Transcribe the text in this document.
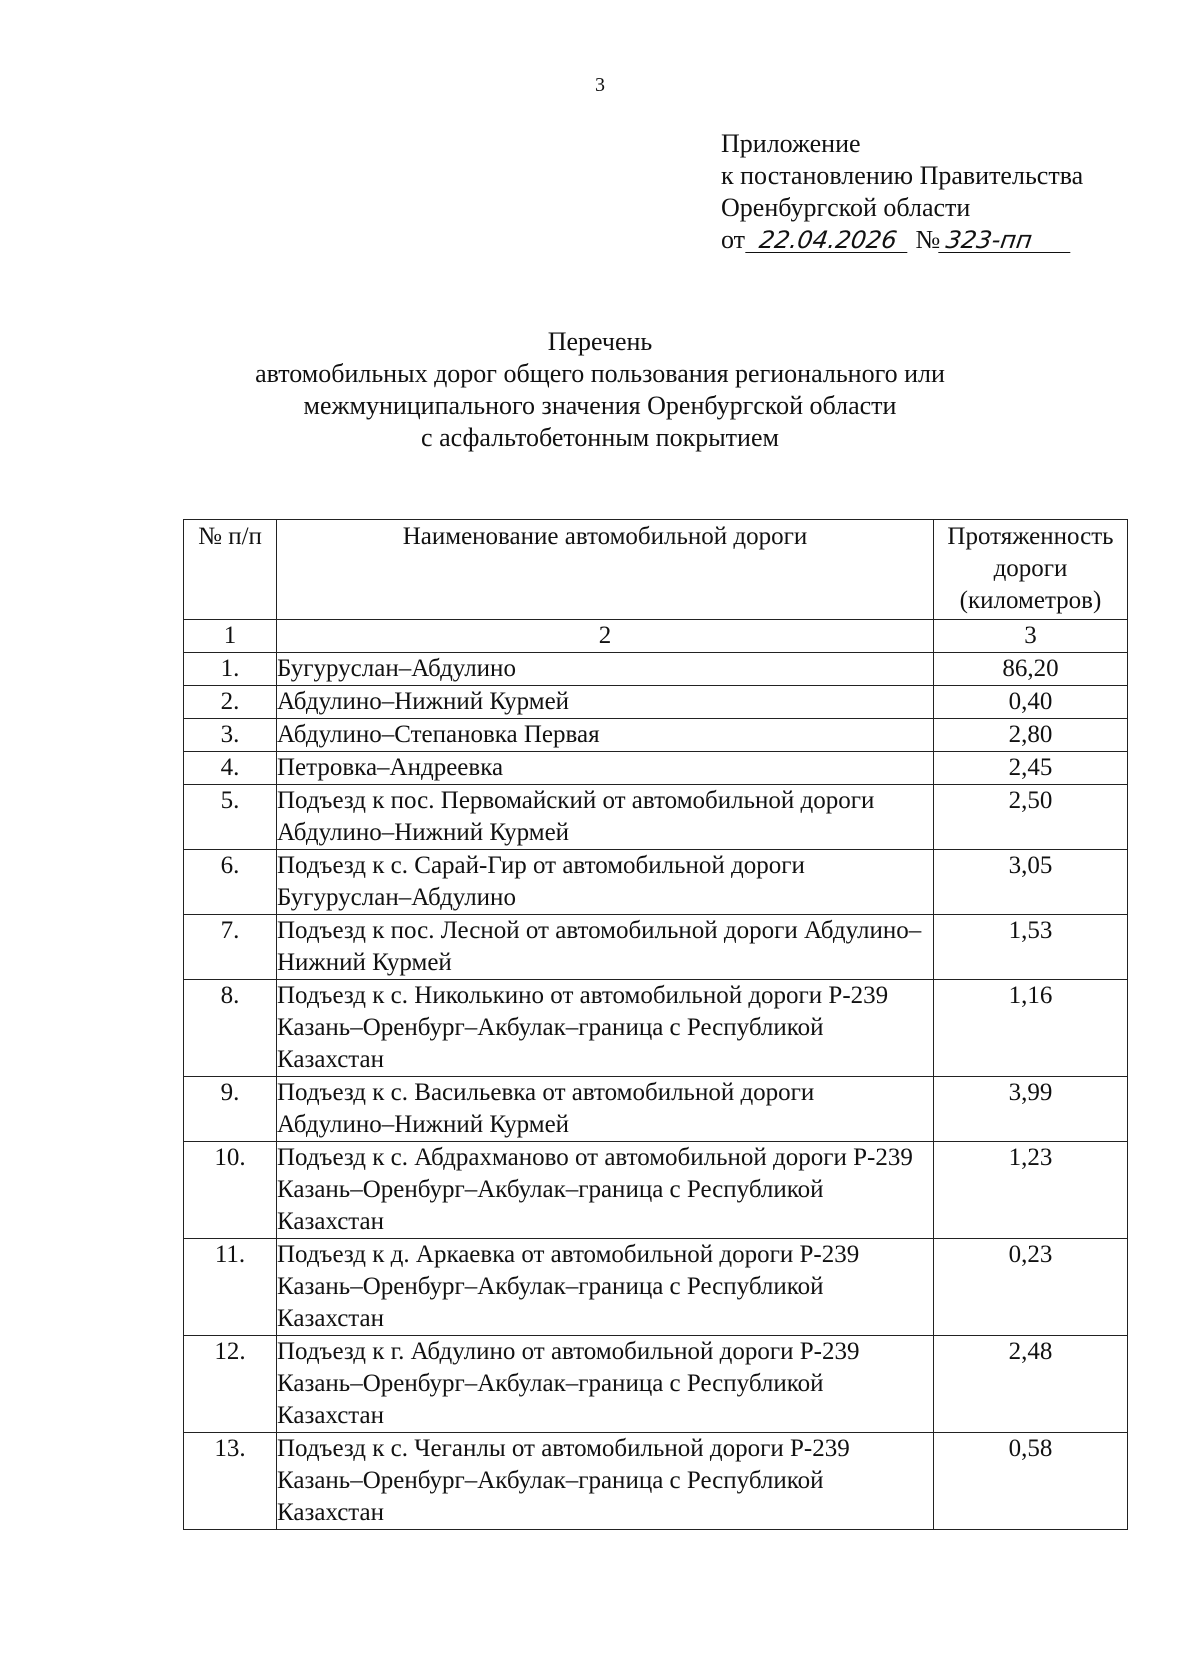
3
Приложение
к постановлению Правительства
Оренбургской области
от 22.04.2026 № 323-пп
Перечень
автомобильных дорог общего пользования регионального или
межмуниципального значения Оренбургской области
с асфальтобетонным покрытием
№ п/п	Наименование автомобильной дороги	Протяженность дороги (километров)
1	2	3
1.	Бугуруслан–Абдулино	86,20
2.	Абдулино–Нижний Курмей	0,40
3.	Абдулино–Степановка Первая	2,80
4.	Петровка–Андреевка	2,45
5.	Подъезд к пос. Первомайский от автомобильной дороги Абдулино–Нижний Курмей	2,50
6.	Подъезд к с. Сарай-Гир от автомобильной дороги Бугуруслан–Абдулино	3,05
7.	Подъезд к пос. Лесной от автомобильной дороги Абдулино–Нижний Курмей	1,53
8.	Подъезд к с. Николькино от автомобильной дороги Р-239 Казань–Оренбург–Акбулак–граница с Республикой Казахстан	1,16
9.	Подъезд к с. Васильевка от автомобильной дороги Абдулино–Нижний Курмей	3,99
10.	Подъезд к с. Абдрахманово от автомобильной дороги Р-239 Казань–Оренбург–Акбулак–граница с Республикой Казахстан	1,23
11.	Подъезд к д. Аркаевка от автомобильной дороги Р-239 Казань–Оренбург–Акбулак–граница с Республикой Казахстан	0,23
12.	Подъезд к г. Абдулино от автомобильной дороги Р-239 Казань–Оренбург–Акбулак–граница с Республикой Казахстан	2,48
13.	Подъезд к с. Чеганлы от автомобильной дороги Р-239 Казань–Оренбург–Акбулак–граница с Республикой Казахстан	0,58
